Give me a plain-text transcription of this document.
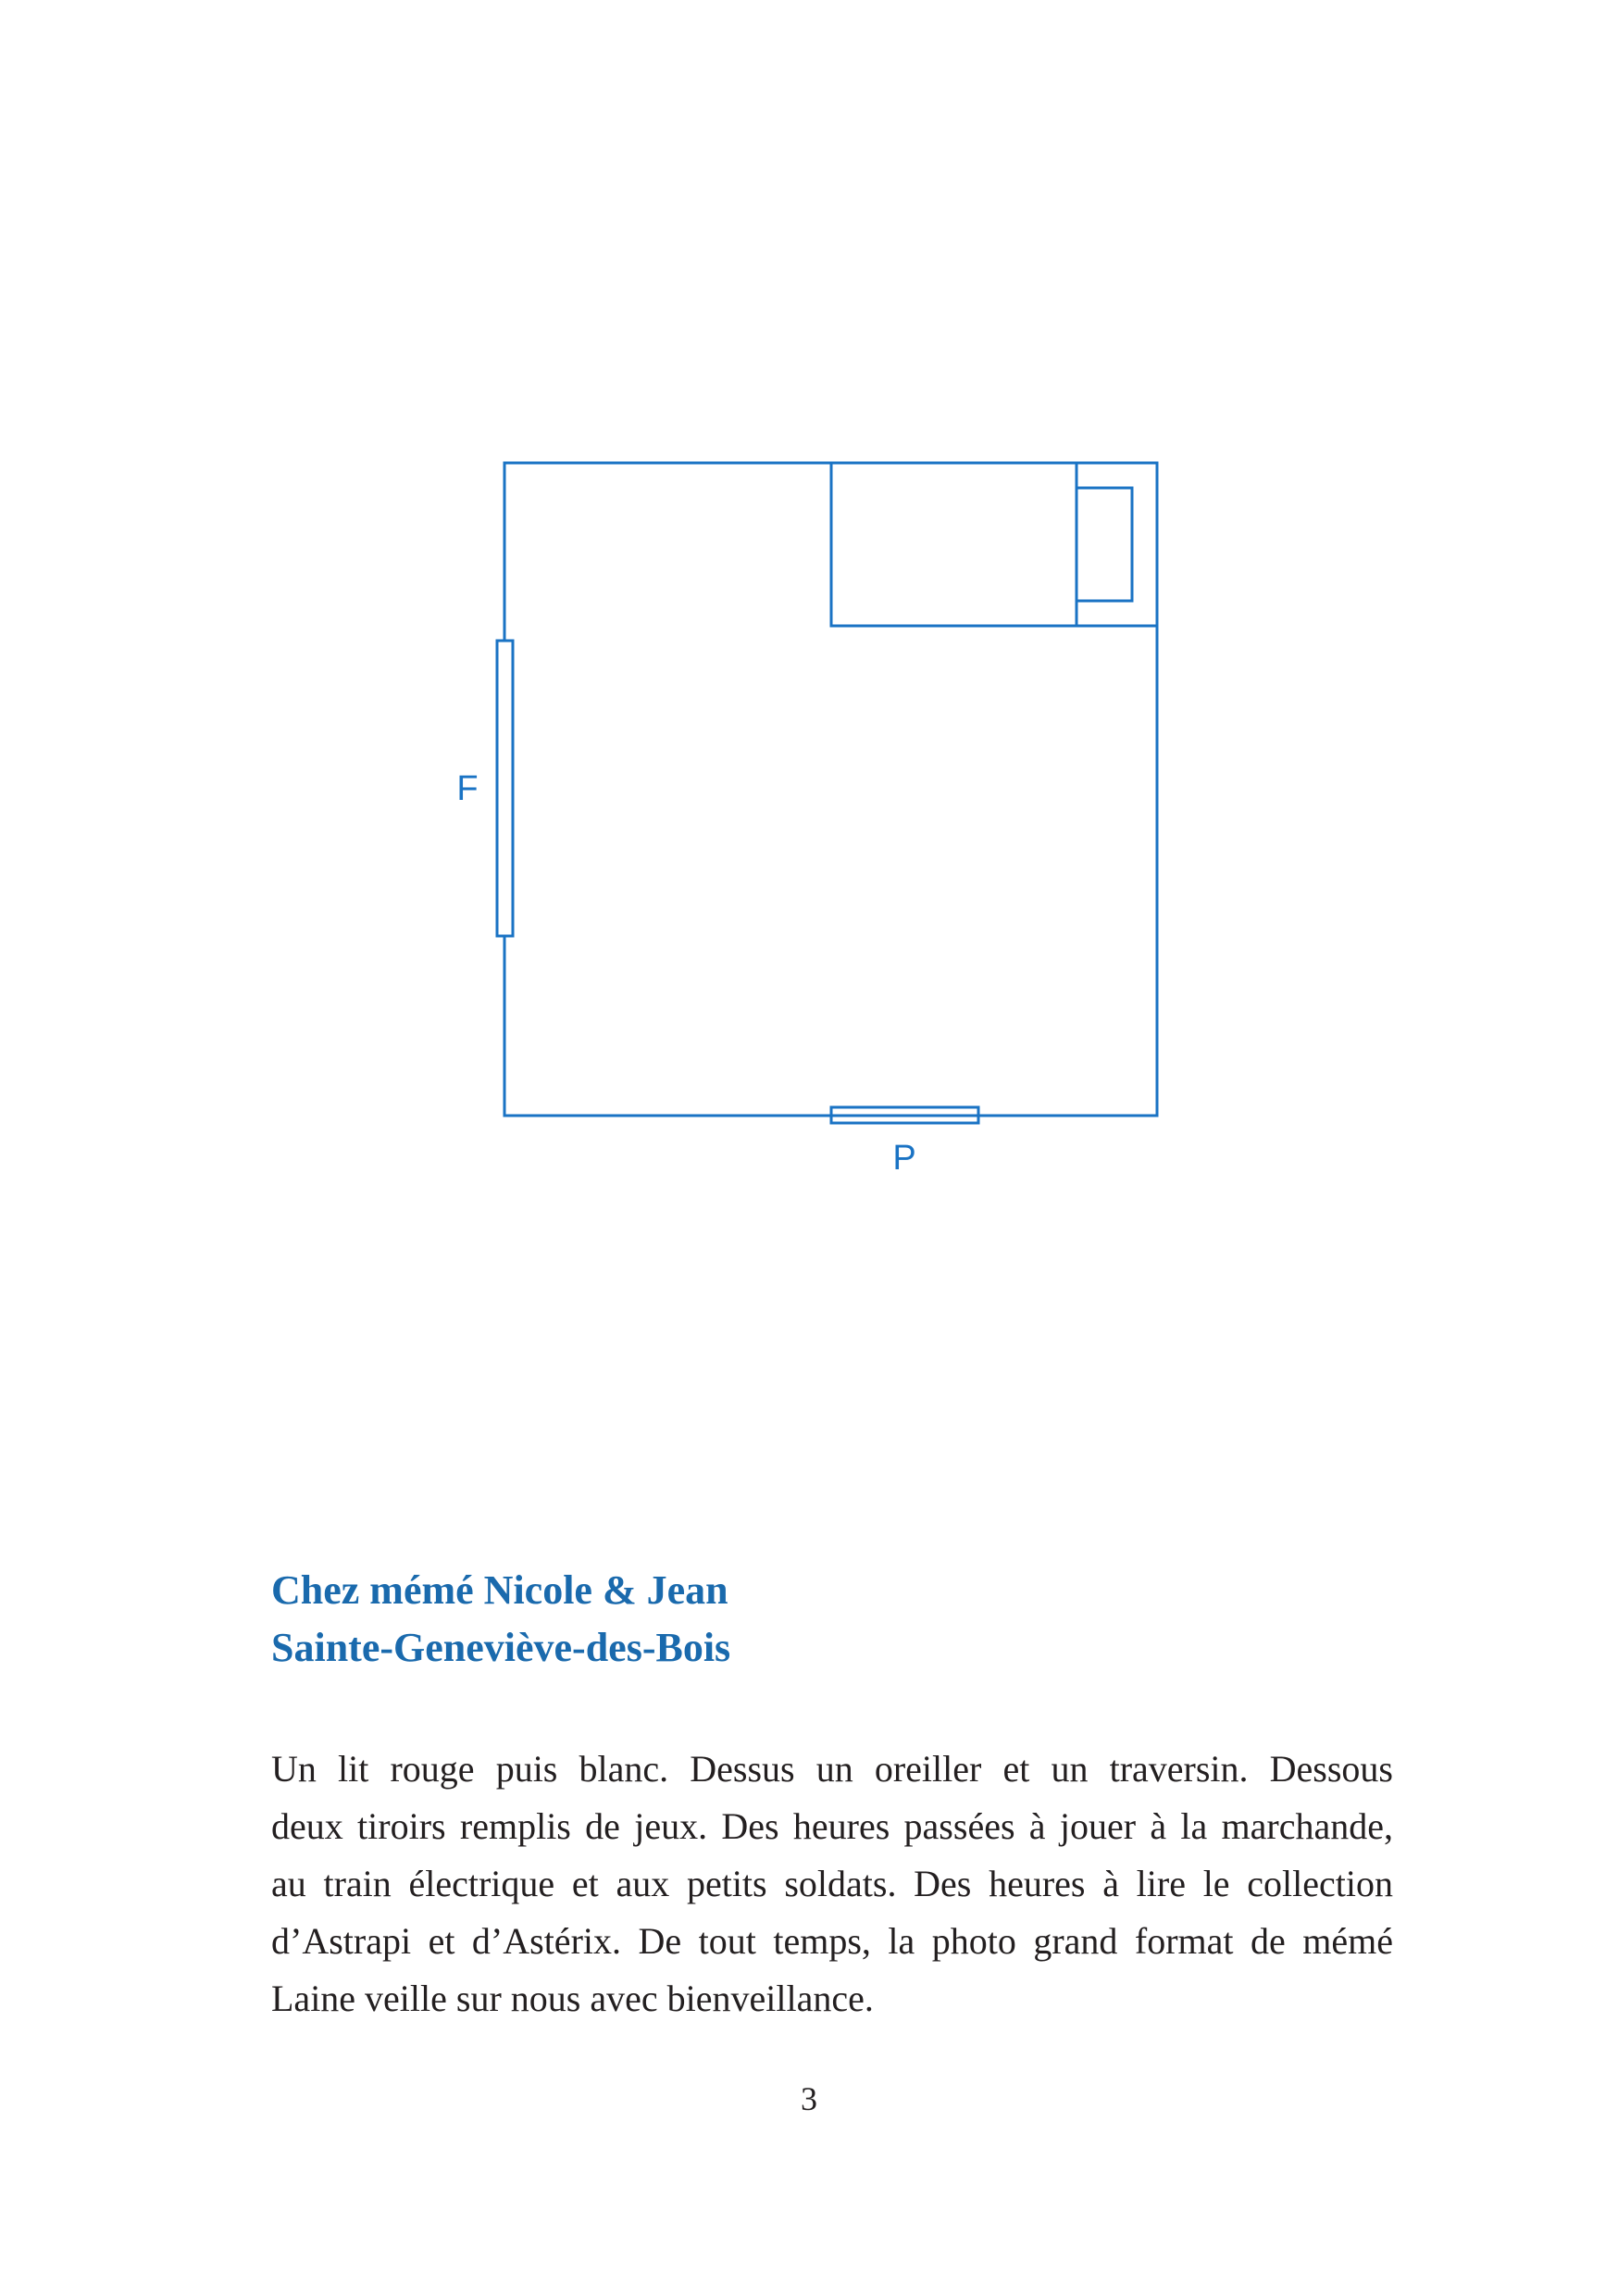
F
P
Chez mémé Nicole & Jean
Sainte-Geneviève-des-Bois

Un lit rouge puis blanc. Dessus un oreiller et un traversin. Dessous
deux tiroirs remplis de jeux. Des heures passées à jouer à la marchande,
au train électrique et aux petits soldats. Des heures à lire le collection
d’Astrapi et d’Astérix. De tout temps, la photo grand format de mémé
Laine veille sur nous avec bienveillance.

3
